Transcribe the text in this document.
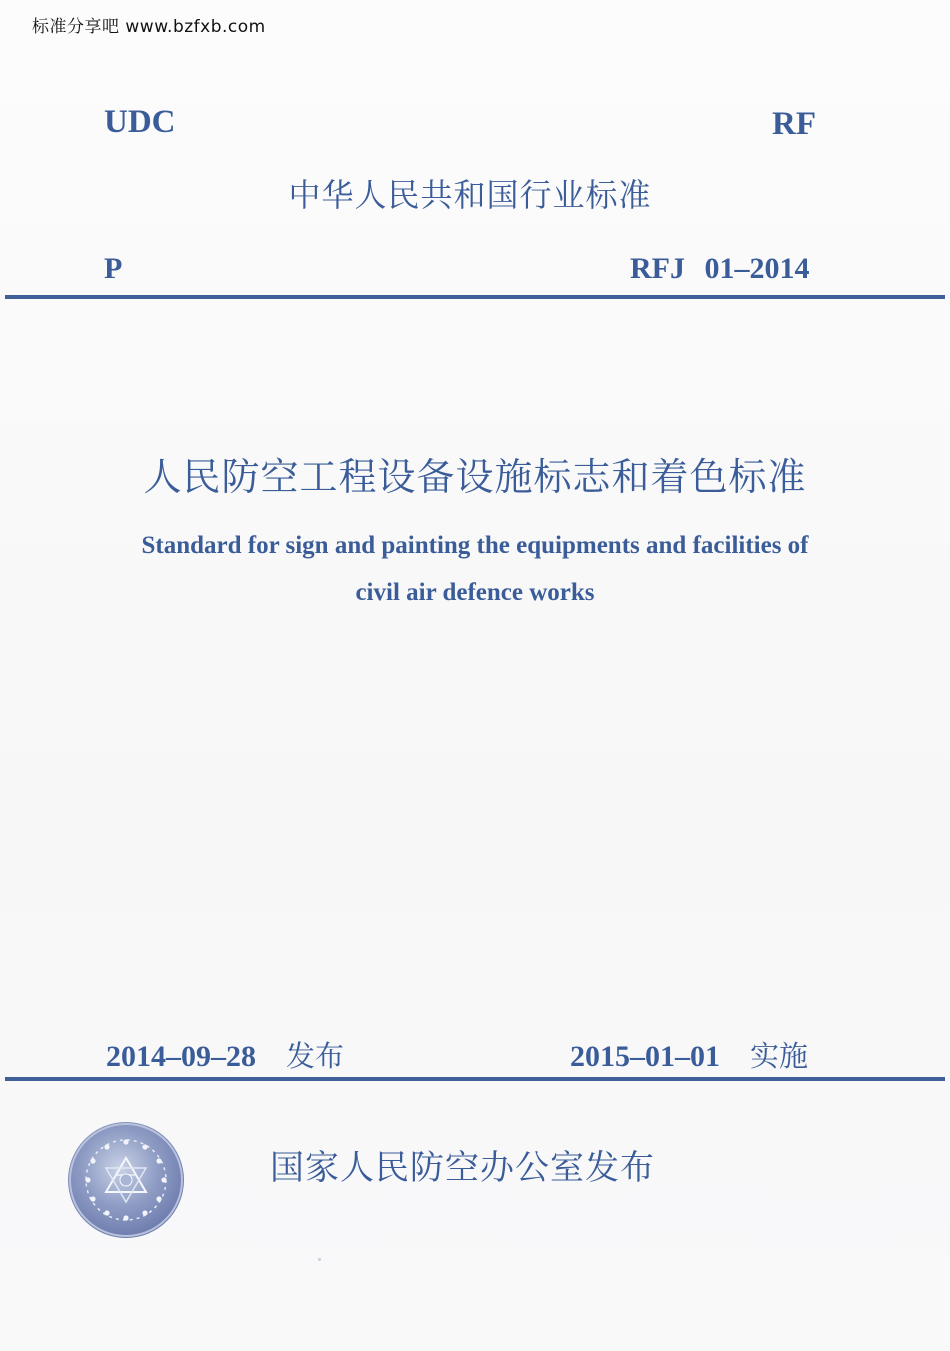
标准分享吧 www.bzfxb.com
UDC	RF
中华人民共和国行业标准
P	RFJ 01–2014
人民防空工程设备设施标志和着色标准
Standard for sign and painting the equipments and facilities of
civil air defence works
2014–09–28 发布	2015–01–01 实施
国家人民防空办公室发布
